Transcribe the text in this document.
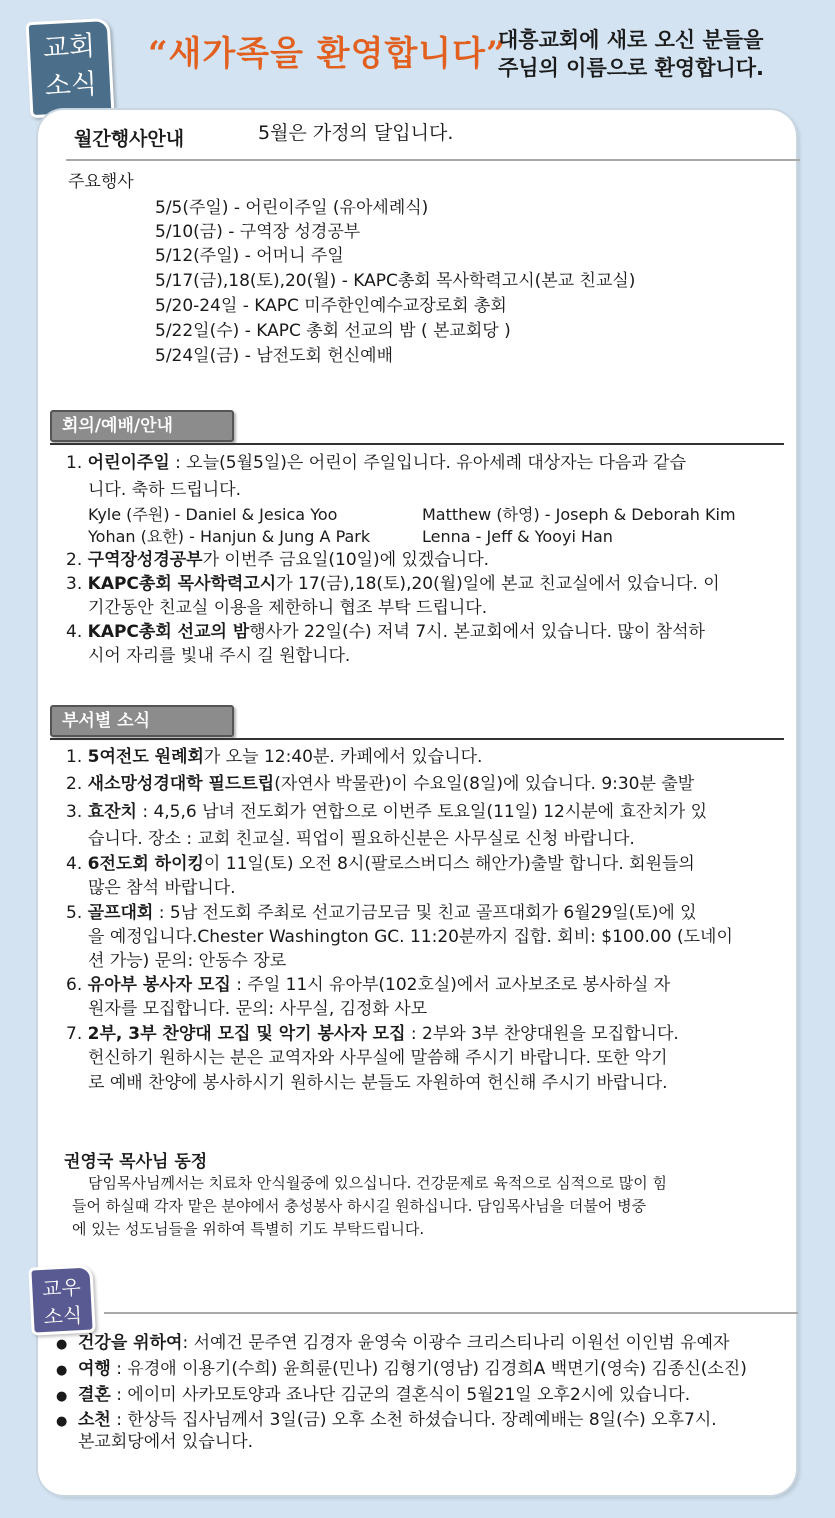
교회
소식
“새가족을 환영합니다”
대흥교회에 새로 오신 분들을
주님의 이름으로 환영합니다.
월간행사안내	5월은 가정의 달입니다.
주요행사
5/5(주일) - 어린이주일 (유아세례식)
5/10(금) - 구역장 성경공부
5/12(주일) - 어머니 주일
5/17(금),18(토),20(월) - KAPC총회 목사학력고시(본교 친교실)
5/20-24일 - KAPC 미주한인예수교장로회 총회
5/22일(수) - KAPC 총회 선교의 밤 ( 본교회당 )
5/24일(금) - 남전도회 헌신예배
회의/예배/안내
1. 어린이주일 : 오늘(5월5일)은 어린이 주일입니다. 유아세례 대상자는 다음과 같습
니다. 축하 드립니다.
Kyle (주원) - Daniel & Jesica Yoo	Matthew (하영) - Joseph & Deborah Kim
Yohan (요한) - Hanjun & Jung A Park	Lenna - Jeff & Yooyi Han
2. 구역장성경공부가 이번주 금요일(10일)에 있겠습니다.
3. KAPC총회 목사학력고시가 17(금),18(토),20(월)일에 본교 친교실에서 있습니다. 이
기간동안 친교실 이용을 제한하니 협조 부탁 드립니다.
4. KAPC총회 선교의 밤행사가 22일(수) 저녁 7시. 본교회에서 있습니다. 많이 참석하
시어 자리를 빛내 주시 길 원합니다.
부서별 소식
1. 5여전도 원례회가 오늘 12:40분. 카페에서 있습니다.
2. 새소망성경대학 필드트립(자연사 박물관)이 수요일(8일)에 있습니다. 9:30분 출발
3. 효잔치 : 4,5,6 남녀 전도회가 연합으로 이번주 토요일(11일) 12시분에 효잔치가 있
습니다. 장소 : 교회 친교실. 픽업이 필요하신분은 사무실로 신청 바랍니다.
4. 6전도회 하이킹이 11일(토) 오전 8시(팔로스버디스 해안가)출발 합니다. 회원들의
많은 참석 바랍니다.
5. 골프대회 : 5남 전도회 주최로 선교기금모금 및 친교 골프대회가 6월29일(토)에 있
을 예정입니다.Chester Washington GC. 11:20분까지 집합. 회비: $100.00 (도네이
션 가능) 문의: 안동수 장로
6. 유아부 봉사자 모집 : 주일 11시 유아부(102호실)에서 교사보조로 봉사하실 자
원자를 모집합니다. 문의: 사무실, 김정화 사모
7. 2부, 3부 찬양대 모집 및 악기 봉사자 모집 : 2부와 3부 찬양대원을 모집합니다.
헌신하기 원하시는 분은 교역자와 사무실에 말씀해 주시기 바랍니다. 또한 악기
로 예배 찬양에 봉사하시기 원하시는 분들도 자원하여 헌신해 주시기 바랍니다.
권영국 목사님 동정
담임목사님께서는 치료차 안식월중에 있으십니다. 건강문제로 육적으로 심적으로 많이 힘
들어 하실때 각자 맡은 분야에서 충성봉사 하시길 원하십니다. 담임목사님을 더불어 병중
에 있는 성도님들을 위하여 특별히 기도 부탁드립니다.
교우
소식
● 건강을 위하여: 서예건 문주연 김경자 윤영숙 이광수 크리스티나리 이원선 이인범 유예자
● 여행 : 유경애 이용기(수희) 윤희륜(민나) 김형기(영남) 김경희A 백면기(영숙) 김종신(소진)
● 결혼 : 에이미 사카모토양과 죠나단 김군의 결혼식이 5월21일 오후2시에 있습니다.
● 소천 : 한상득 집사님께서 3일(금) 오후 소천 하셨습니다. 장례예배는 8일(수) 오후7시.
본교회당에서 있습니다.
